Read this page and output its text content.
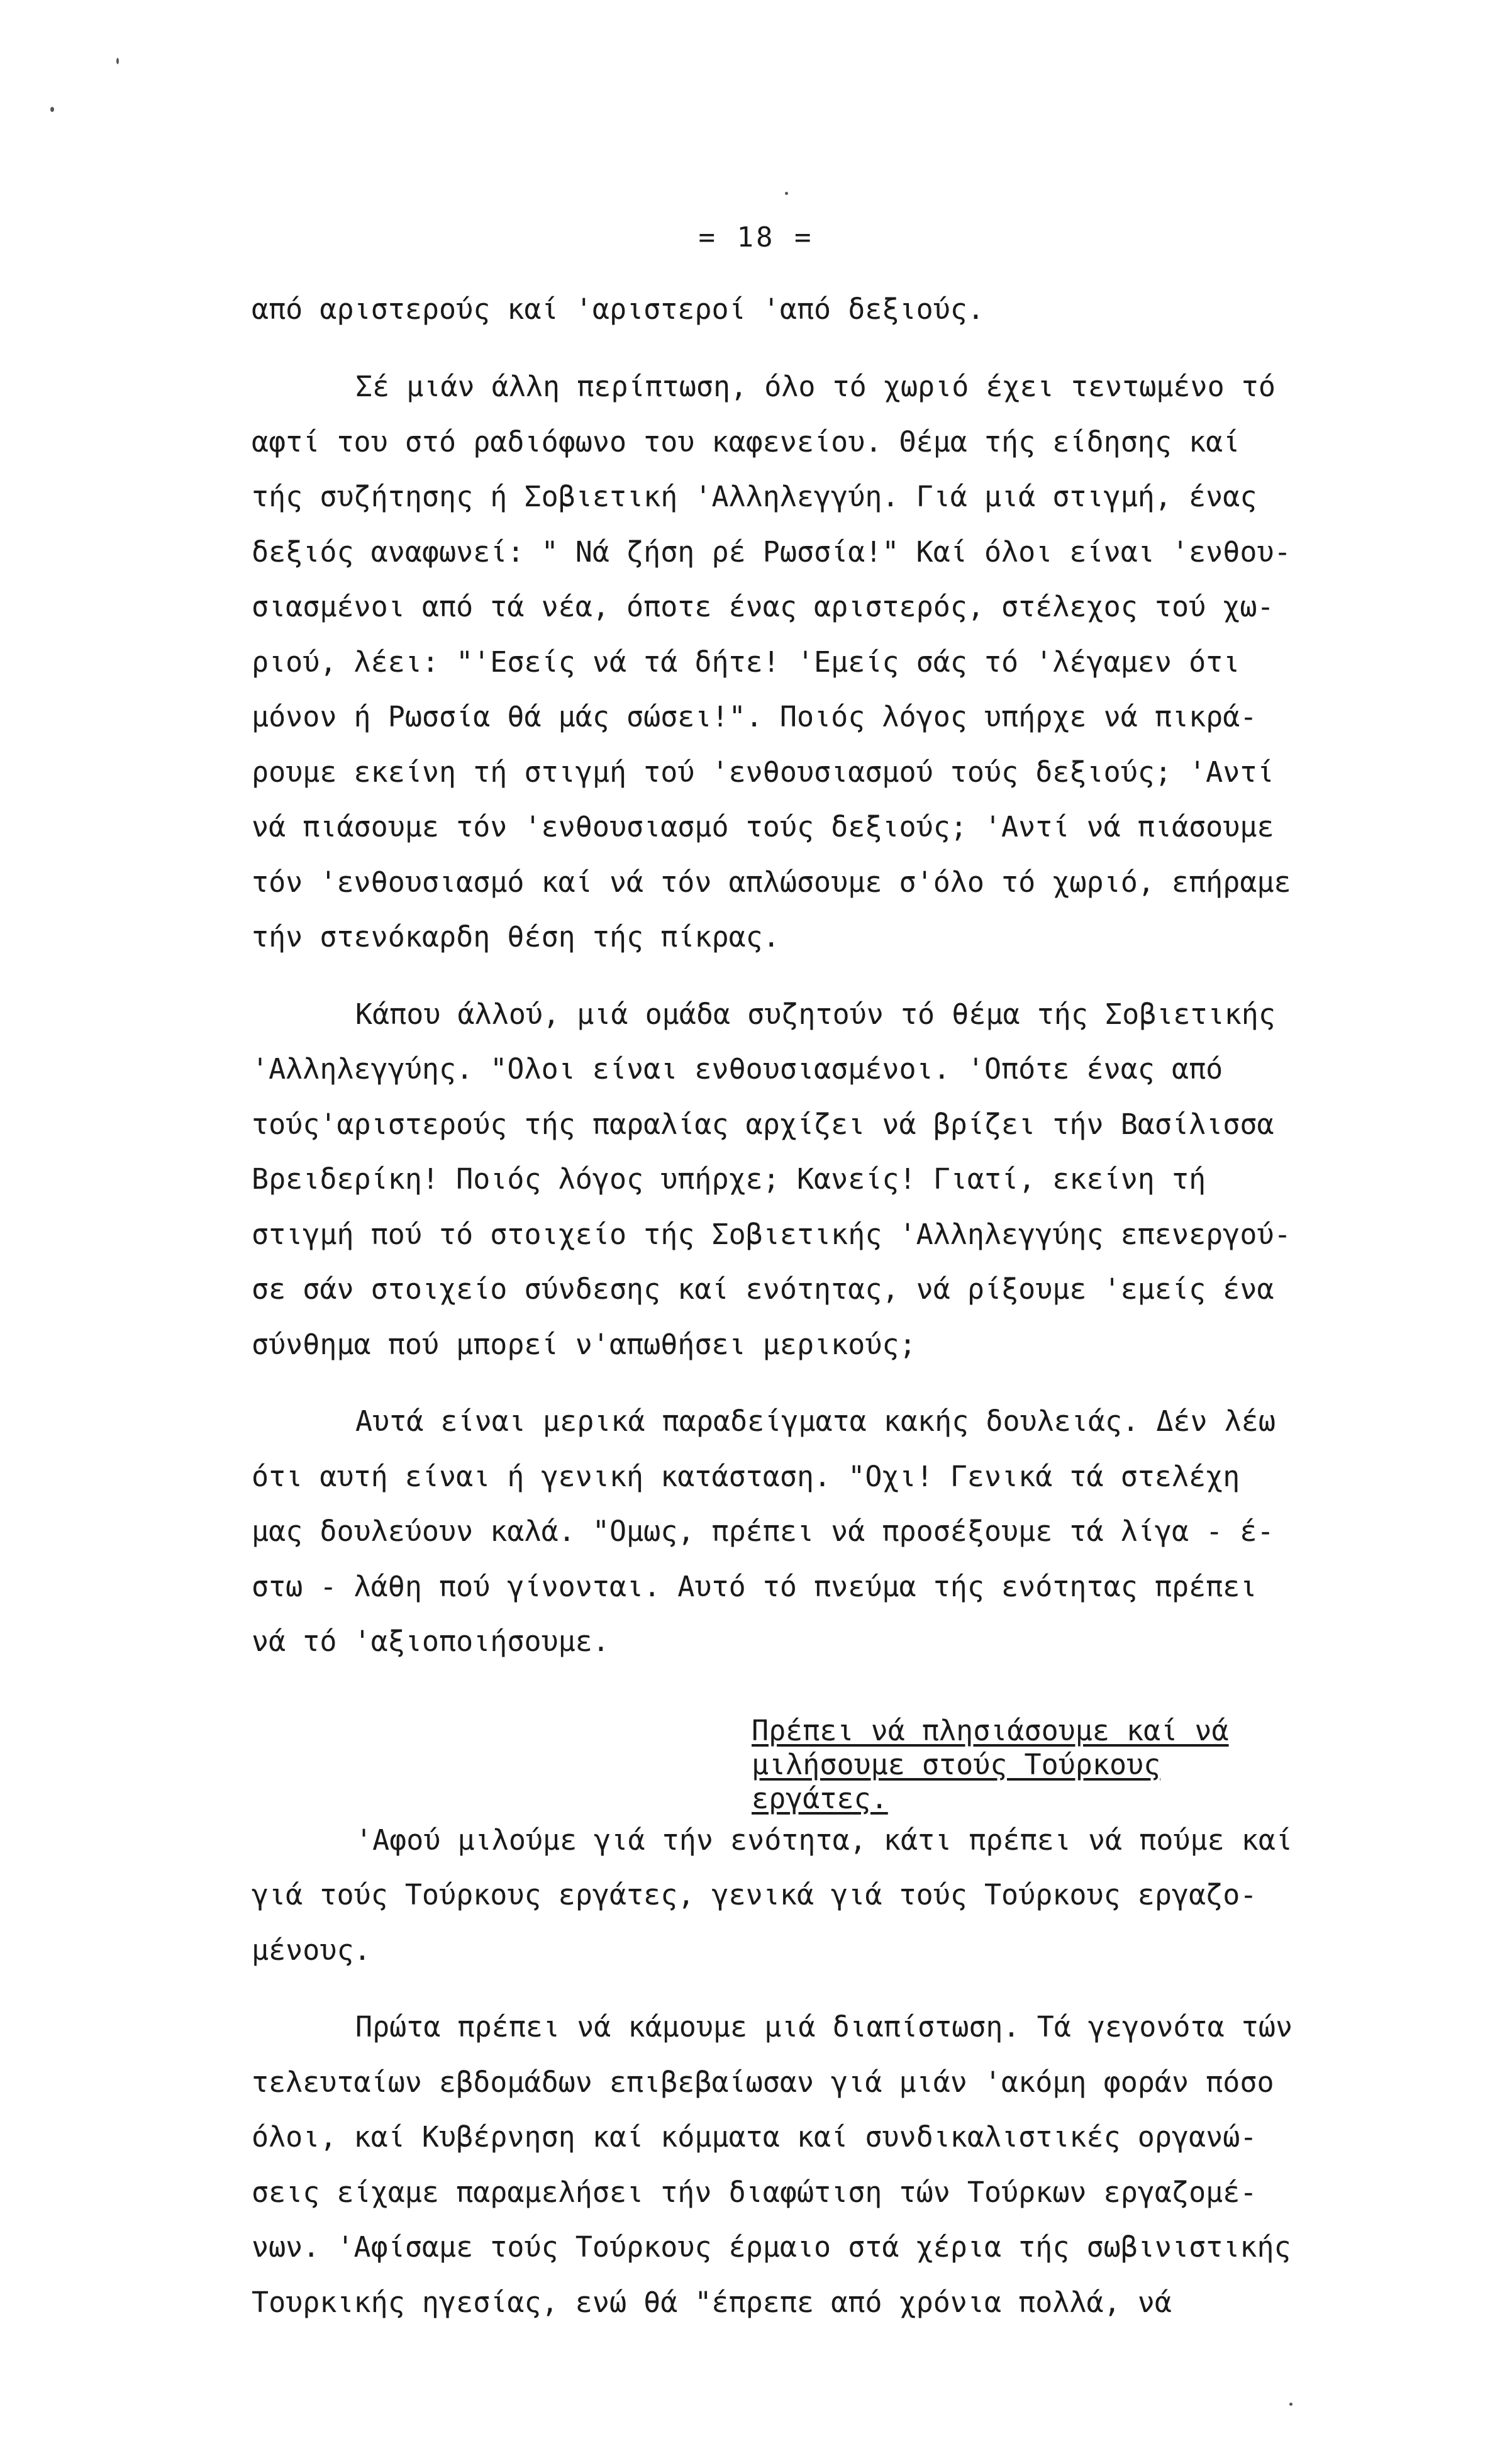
= 18 =
από αριστερούς καί 'αριστεροί 'από δεξιούς.
Σέ μιάν άλλη περίπτωση, όλο τό χωριό έχει τεντωμένο τό
αφτί του στό ραδιόφωνο του καφενείου. Θέμα τής είδησης καί
τής συζήτησης ή Σοβιετική 'Αλληλεγγύη. Γιά μιά στιγμή, ένας
δεξιός αναφωνεί: " Νά ζήση ρέ Ρωσσία!" Καί όλοι είναι 'ενθου-
σιασμένοι από τά νέα, όποτε ένας αριστερός, στέλεχος τού χω-
ριού, λέει: "'Εσείς νά τά δήτε! 'Εμείς σάς τό 'λέγαμεν ότι
μόνον ή Ρωσσία θά μάς σώσει!". Ποιός λόγος υπήρχε νά πικρά-
ρουμε εκείνη τή στιγμή τού 'ενθουσιασμού τούς δεξιούς; 'Αντί
νά πιάσουμε τόν 'ενθουσιασμό τούς δεξιούς; 'Αντί νά πιάσουμε
τόν 'ενθουσιασμό καί νά τόν απλώσουμε σ'όλο τό χωριό, επήραμε
τήν στενόκαρδη θέση τής πίκρας.
Κάπου άλλού, μιά ομάδα συζητούν τό θέμα τής Σοβιετικής
'Αλληλεγγύης. "Ολοι είναι ενθουσιασμένοι. 'Οπότε ένας από
τούς'αριστερούς τής παραλίας αρχίζει νά βρίζει τήν Βασίλισσα
Βρειδερίκη! Ποιός λόγος υπήρχε; Κανείς! Γιατί, εκείνη τή
στιγμή πού τό στοιχείο τής Σοβιετικής 'Αλληλεγγύης επενεργού-
σε σάν στοιχείο σύνδεσης καί ενότητας, νά ρίξουμε 'εμείς ένα
σύνθημα πού μπορεί ν'απωθήσει μερικούς;
Αυτά είναι μερικά παραδείγματα κακής δουλειάς. Δέν λέω
ότι αυτή είναι ή γενική κατάσταση. "Οχι! Γενικά τά στελέχη
μας δουλεύουν καλά. "Ομως, πρέπει νά προσέξουμε τά λίγα - έ-
στω - λάθη πού γίνονται. Αυτό τό πνεύμα τής ενότητας πρέπει
νά τό 'αξιοποιήσουμε.
'Αφού μιλούμε γιά τήν ενότητα, κάτι πρέπει νά πούμε καί
γιά τούς Τούρκους εργάτες, γενικά γιά τούς Τούρκους εργαζο-
μένους.
Πρώτα πρέπει νά κάμουμε μιά διαπίστωση. Τά γεγονότα τών
τελευταίων εβδομάδων επιβεβαίωσαν γιά μιάν 'ακόμη φοράν πόσο
όλοι, καί Κυβέρνηση καί κόμματα καί συνδικαλιστικές οργανώ-
σεις είχαμε παραμελήσει τήν διαφώτιση τών Τούρκων εργαζομέ-
νων. 'Αφίσαμε τούς Τούρκους έρμαιο στά χέρια τής σωβινιστικής
Τουρκικής ηγεσίας, ενώ θά "έπρεπε από χρόνια πολλά, νά
Πρέπει νά πλησιάσουμε καί νά
μιλήσουμε στούς Τούρκους
εργάτες.
